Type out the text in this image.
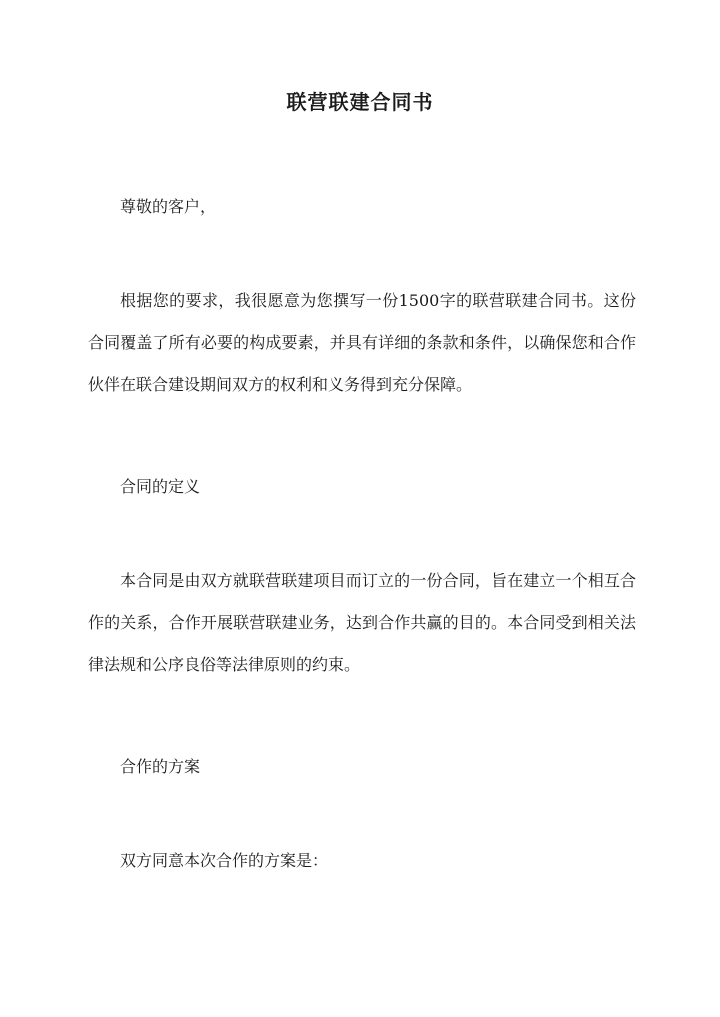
联营联建合同书

尊敬的客户，

根据您的要求，我很愿意为您撰写一份1500字的联营联建合同书。这份合同覆盖了所有必要的构成要素，并具有详细的条款和条件，以确保您和合作伙伴在联合建设期间双方的权利和义务得到充分保障。

合同的定义

本合同是由双方就联营联建项目而订立的一份合同，旨在建立一个相互合作的关系，合作开展联营联建业务，达到合作共赢的目的。本合同受到相关法律法规和公序良俗等法律原则的约束。

合作的方案

双方同意本次合作的方案是：
